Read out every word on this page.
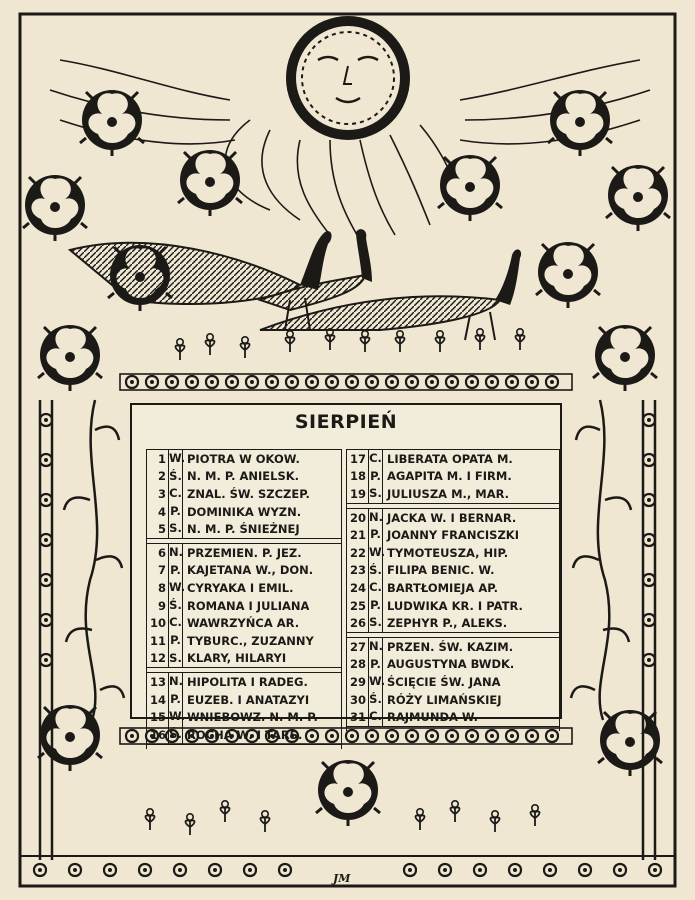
SIERPIEŃ
1 W. PIOTRA W OKOW.
2 Ś. N. M. P. ANIELSK.
3 C. ZNAL. ŚW. SZCZEP.
4 P. DOMINIKA WYZN.
5 S. N. M. P. ŚNIEŻNEJ
6 N. PRZEMIEN. P. JEZ.
7 P. KAJETANA W., DON.
8 W. CYRYAKA I EMIL.
9 Ś. ROMANA I JULIANA
10 C. WAWRZYŃCA AR.
11 P. TYBURC., ZUZANNY
12 S. KLARY, HILARYI
13 N. HIPOLITA I RADEG.
14 P. EUZEB. I ANATAZYI
15 W. WNIEBOWZ. N. M. P.
16 Ś. ROCHA W. I TARS.
17 C. LIBERATA OPATA M.
18 P. AGAPITA M. I FIRM.
19 S. JULIUSZA M., MAR.
20 N. JACKA W. I BERNAR.
21 P. JOANNY FRANCISZKI
22 W. TYMOTEUSZA, HIP.
23 Ś. FILIPA BENIC. W.
24 C. BARTŁOMIEJA AP.
25 P. LUDWIKA KR. I PATR.
26 S. ZEPHYR P., ALEKS.
27 N. PRZEN. ŚW. KAZIM.
28 P. AUGUSTYNA BWDK.
29 W. ŚCIĘCIE ŚW. JANA
30 Ś. RÓŻY LIMAŃSKIEJ
31 C. RAJMUNDA W.
JM
